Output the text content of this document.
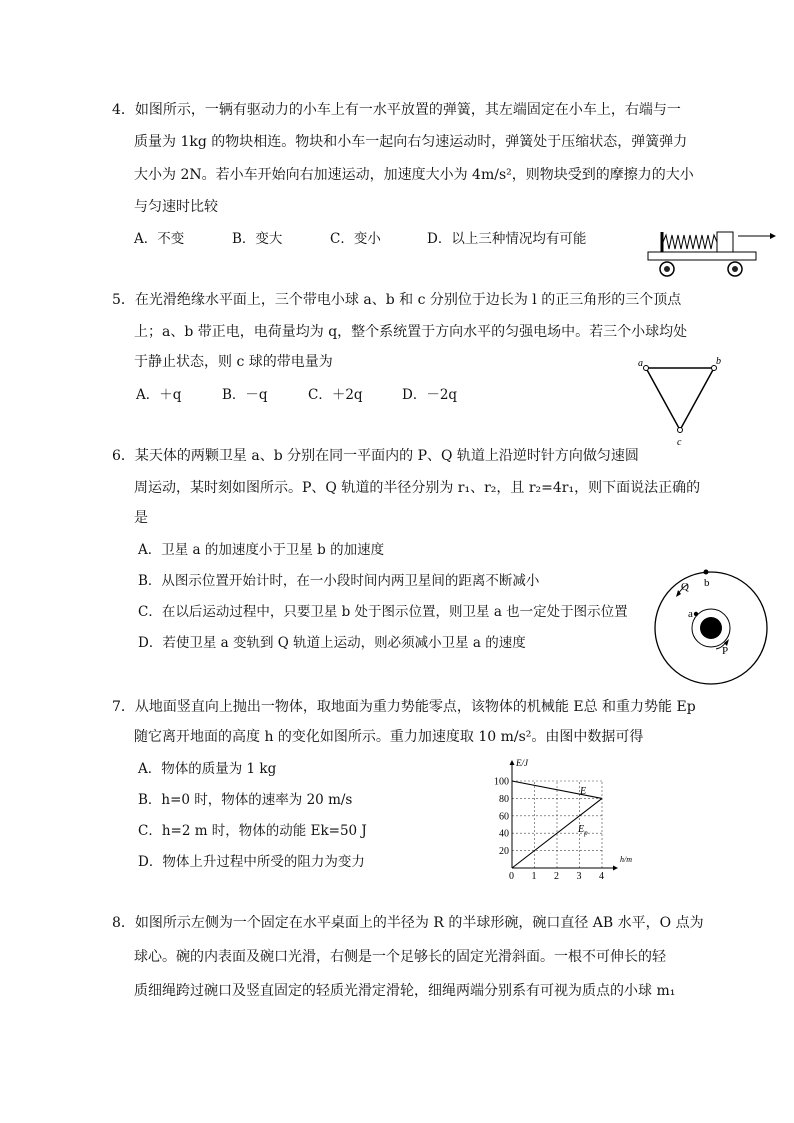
4．如图所示，一辆有驱动力的小车上有一水平放置的弹簧，其左端固定在小车上，右端与一
质量为 1kg 的物块相连。物块和小车一起向右匀速运动时，弹簧处于压缩状态，弹簧弹力
大小为 2N。若小车开始向右加速运动，加速度大小为 4m/s²，则物块受到的摩擦力的大小
与匀速时比较
A．不变	B．变大	C．变小	D．以上三种情况均有可能
5．在光滑绝缘水平面上，三个带电小球 a、b 和 c 分别位于边长为 l 的正三角形的三个顶点
上；a、b 带正电，电荷量均为 q，整个系统置于方向水平的匀强电场中。若三个小球均处
于静止状态，则 c 球的带电量为
A．＋q	B．－q	C．＋2q	D．－2q
a	b
c
6．某天体的两颗卫星 a、b 分别在同一平面内的 P、Q 轨道上沿逆时针方向做匀速圆
周运动，某时刻如图所示。P、Q 轨道的半径分别为 r₁、r₂，且 r₂=4r₁，则下面说法正确的
是
A．卫星 a 的加速度小于卫星 b 的加速度
B．从图示位置开始计时，在一小段时间内两卫星间的距离不断减小
C．在以后运动过程中，只要卫星 b 处于图示位置，则卫星 a 也一定处于图示位置
D．若使卫星 a 变轨到 Q 轨道上运动，则必须减小卫星 a 的速度
b
Q
a
P
7．从地面竖直向上抛出一物体，取地面为重力势能零点，该物体的机械能 E总 和重力势能 Ep
随它离开地面的高度 h 的变化如图所示。重力加速度取 10 m/s²。由图中数据可得
A．物体的质量为 1 kg
B．h=0 时，物体的速率为 20 m/s
C．h=2 m 时，物体的动能 Ek=50 J
D．物体上升过程中所受的阻力为变力
0 1 2 3 4
20
40
60
80
100
E/J
h/m
E
$E_p$
8．如图所示左侧为一个固定在水平桌面上的半径为 R 的半球形碗，碗口直径 AB 水平，O 点为
球心。碗的内表面及碗口光滑，右侧是一个足够长的固定光滑斜面。一根不可伸长的轻
质细绳跨过碗口及竖直固定的轻质光滑定滑轮，细绳两端分别系有可视为质点的小球 m₁
